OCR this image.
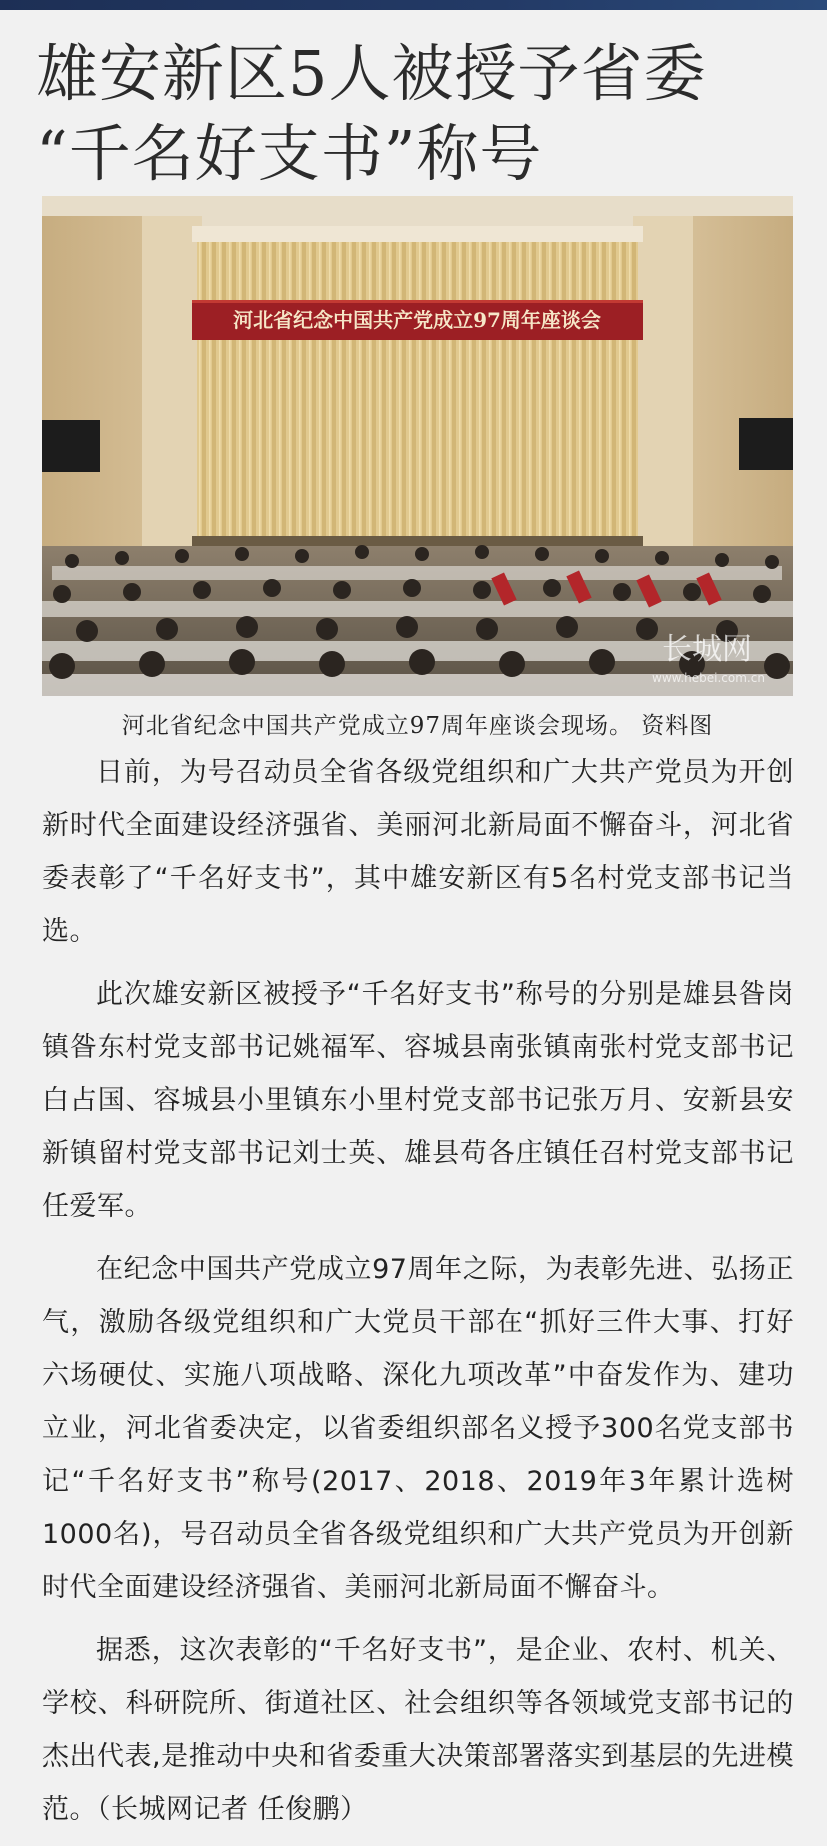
雄安新区5人被授予省委

“千名好支书”称号
河北省纪念中国共产党成立97周年座谈会
长城网
www.hebei.com.cn
河北省纪念中国共产党成立97周年座谈会现场。 资料图

日前，为号召动员全省各级党组织和广大共产党员为开创新时代全面建设经济强省、美丽河北新局面不懈奋斗，河北省委表彰了“千名好支书”，其中雄安新区有5名村党支部书记当选。

此次雄安新区被授予“千名好支书”称号的分别是雄县昝岗镇昝东村党支部书记姚福军、容城县南张镇南张村党支部书记白占国、容城县小里镇东小里村党支部书记张万月、安新县安新镇留村党支部书记刘士英、雄县苟各庄镇任召村党支部书记任爱军。

在纪念中国共产党成立97周年之际，为表彰先进、弘扬正气，激励各级党组织和广大党员干部在“抓好三件大事、打好六场硬仗、实施八项战略、深化九项改革”中奋发作为、建功立业，河北省委决定，以省委组织部名义授予300名党支部书记“千名好支书”称号(2017、2018、2019年3年累计选树1000名)，号召动员全省各级党组织和广大共产党员为开创新时代全面建设经济强省、美丽河北新局面不懈奋斗。

据悉，这次表彰的“千名好支书”，是企业、农村、机关、学校、科研院所、街道社区、社会组织等各领域党支部书记的杰出代表,是推动中央和省委重大决策部署落实到基层的先进模范。（长城网记者 任俊鹏）
